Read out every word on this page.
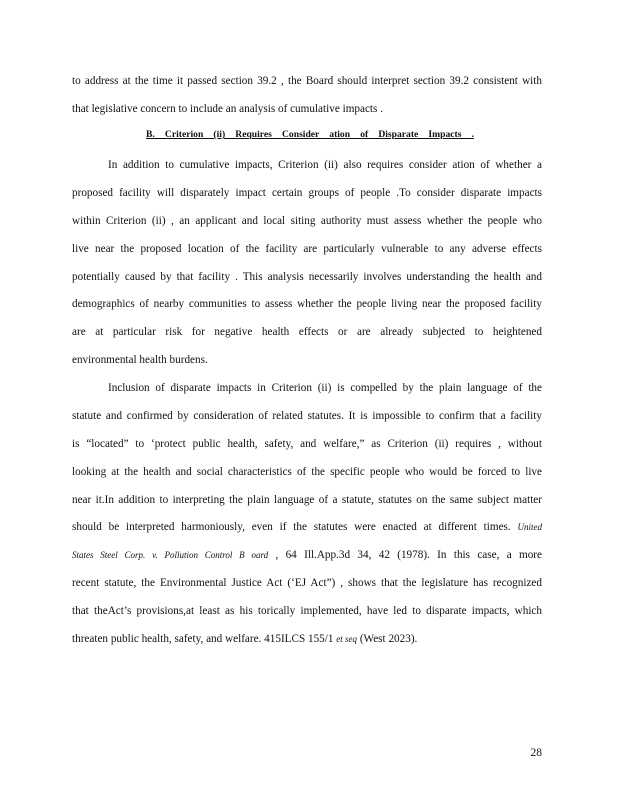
to address at the time it passed section 39.2 , the Board should interpret section 39.2 consistent with
that legislative concern to include an analysis of cumulative impacts .
B. Criterion (ii) Requires Consider ation of Disparate Impacts .
In addition to cumulative impacts, Criterion (ii) also requires consider ation of whether a
proposed facility will disparately impact certain groups of people .To consider disparate impacts
within Criterion (ii) , an applicant and local siting authority must assess whether the people who
live near the proposed location of the facility are particularly vulnerable to any adverse effects
potentially caused by that facility . This analysis necessarily involves understanding the health and
demographics of nearby communities to assess whether the people living near the proposed facility
are at particular risk for negative health effects or are already subjected to heightened
environmental health burdens.
Inclusion of disparate impacts in Criterion (ii) is compelled by the plain language of the
statute and confirmed by consideration of related statutes. It is impossible to confirm that a facility
is “located” to ‘protect public health, safety, and welfare,” as Criterion (ii) requires , without
looking at the health and social characteristics of the specific people who would be forced to live
near it.In addition to interpreting the plain language of a statute, statutes on the same subject matter
should be interpreted harmoniously, even if the statutes were enacted at different times. United
States Steel Corp. v. Pollution Control B oard , 64 Ill.App.3d 34, 42 (1978). In this case, a more
recent statute, the Environmental Justice Act (‘EJ Act”) , shows that the legislature has recognized
that theAct’s provisions,at least as his torically implemented, have led to disparate impacts, which
threaten public health, safety, and welfare. 415ILCS 155/1 et seq (West 2023).
28
